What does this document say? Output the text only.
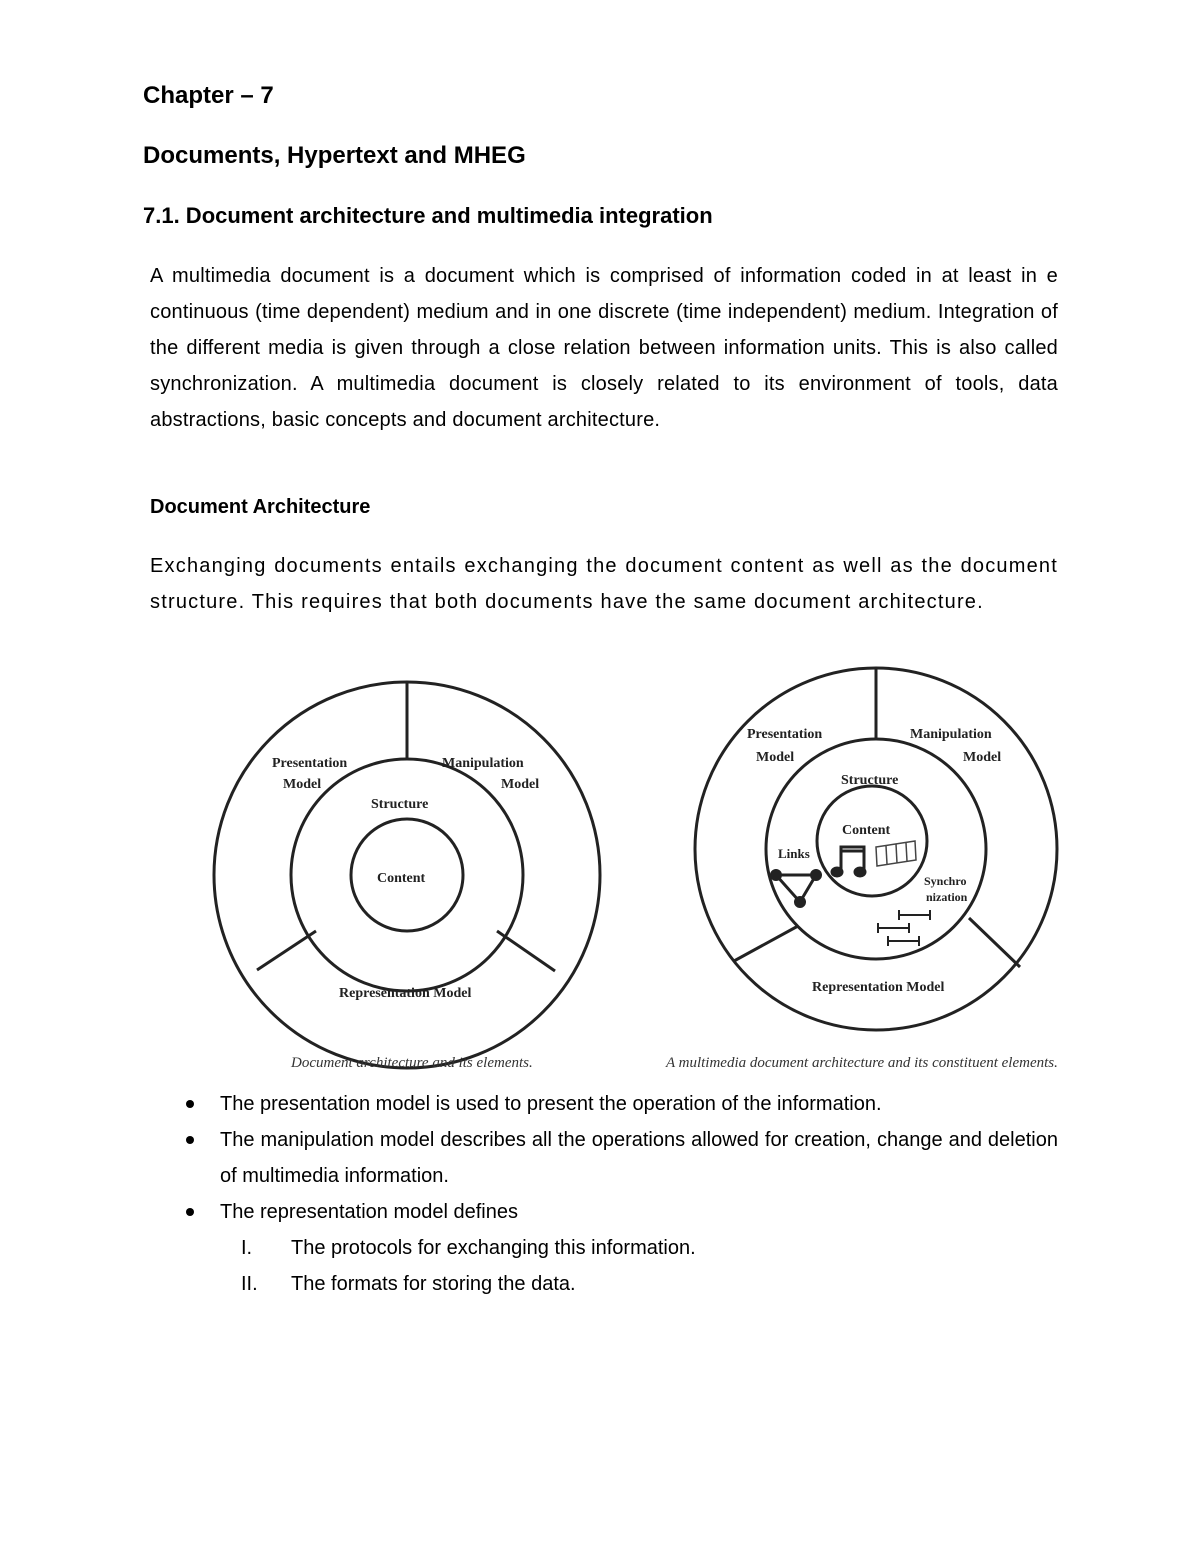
Chapter – 7
Documents, Hypertext and MHEG
7.1. Document architecture and multimedia integration

A multimedia document is a document which is comprised of information coded in at least in e continuous (time dependent) medium and in one discrete (time independent) medium. Integration of the different media is given through a close relation between information units. This is also called synchronization. A multimedia document is closely related to its environment of tools, data abstractions, basic concepts and document architecture.

Document Architecture

Exchanging documents entails exchanging the document content as well as the document structure. This requires that both documents have the same document architecture.

Presentation
Model
Manipulation
Model
Structure
Content
Representation Model
Presentation
Model
Manipulation
Model
Structure
Content
Links
Synchro
nization
Representation Model

Document architecture and its elements.	A multimedia document architecture and its constituent elements.

The presentation model is used to present the operation of the information.
The manipulation model describes all the operations allowed for creation, change and deletion of multimedia information.
The representation model defines
I. The protocols for exchanging this information.
II. The formats for storing the data.
